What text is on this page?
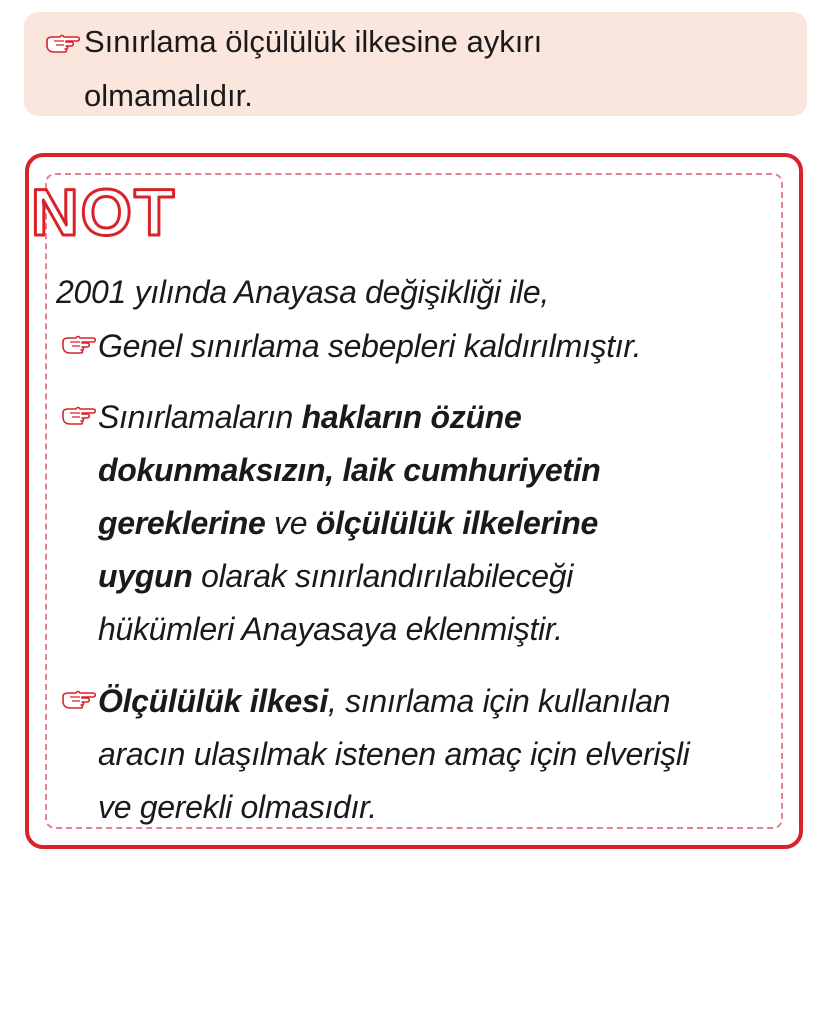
Sınırlama ölçülülük ilkesine aykırı
olmamalıdır.
NOT
2001 yılında Anayasa değişikliği ile,
Genel sınırlama sebepleri kaldırılmıştır.
Sınırlamaların hakların özüne
dokunmaksızın, laik cumhuriyetin
gereklerine ve ölçülülük ilkelerine
uygun olarak sınırlandırılabileceği
hükümleri Anayasaya eklenmiştir.
Ölçülülük ilkesi, sınırlama için kullanılan
aracın ulaşılmak istenen amaç için elverişli
ve gerekli olmasıdır.
